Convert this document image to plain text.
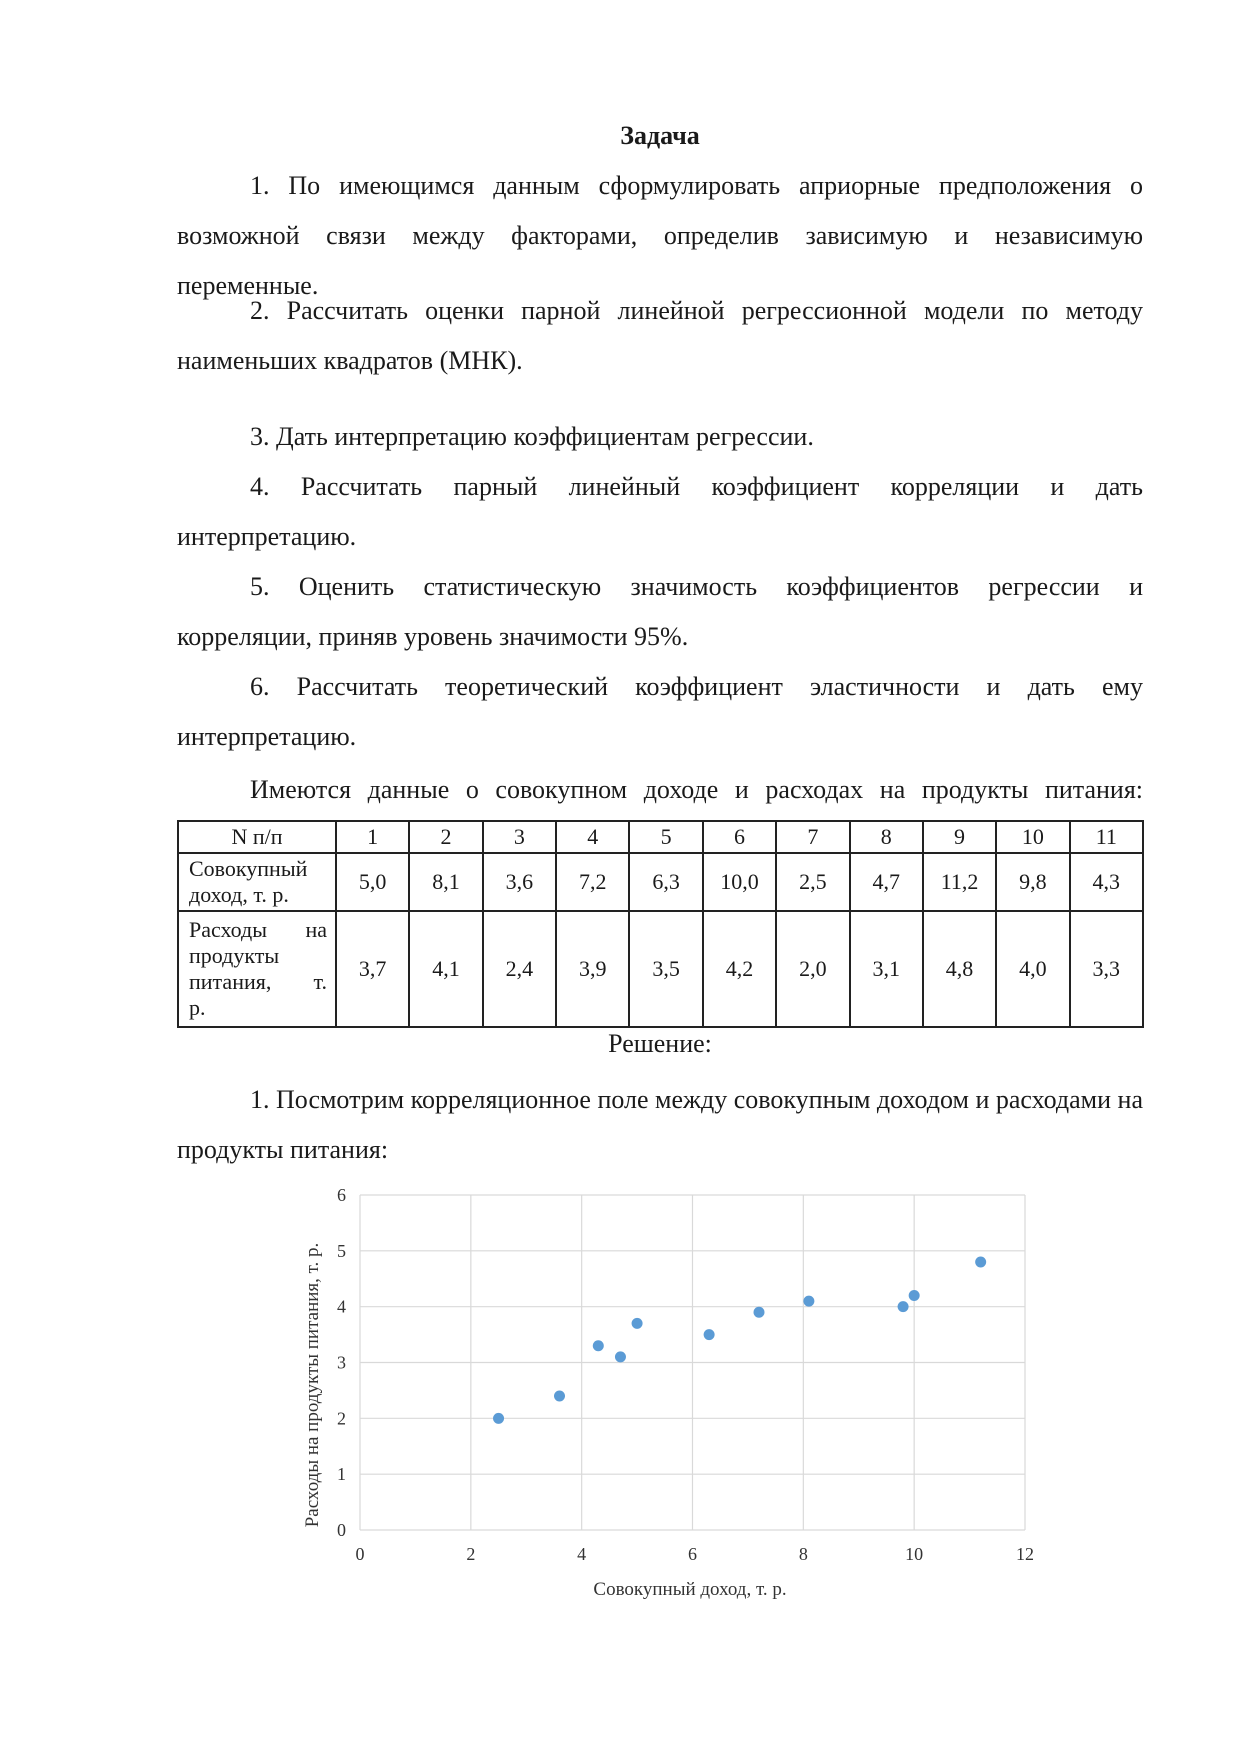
Задача
1. По имеющимся данным сформулировать априорные предположения о возможной связи между факторами, определив зависимую и независимую переменные.
2. Рассчитать оценки парной линейной регрессионной модели по методу наименьших квадратов (МНК).
3. Дать интерпретацию коэффициентам регрессии.
4. Рассчитать парный линейный коэффициент корреляции и дать интерпретацию.
5. Оценить статистическую значимость коэффициентов регрессии и корреляции, приняв уровень значимости 95%.
6. Рассчитать теоретический коэффициент эластичности и дать ему интерпретацию.
Имеются данные о совокупном доходе и расходах на продукты питания:
N п/п	1	2	3	4	5	6	7	8	9	10	11

Совокупный
доход, т. р.	5,0	8,1	3,6	7,2	6,3	10,0	2,5	4,7	11,2	9,8	4,3

Расходы на
продукты
питания, т.
р.	3,7	4,1	2,4	3,9	3,5	4,2	2,0	3,1	4,8	4,0	3,3
Решение:
1. Посмотрим корреляционное поле между совокупным доходом и расходами на продукты питания:
0	2	4	6	8	10	12
0
1
2
3
4
5
6
Совокупный доход, т. р.
Расходы на продукты питания, т. р.
